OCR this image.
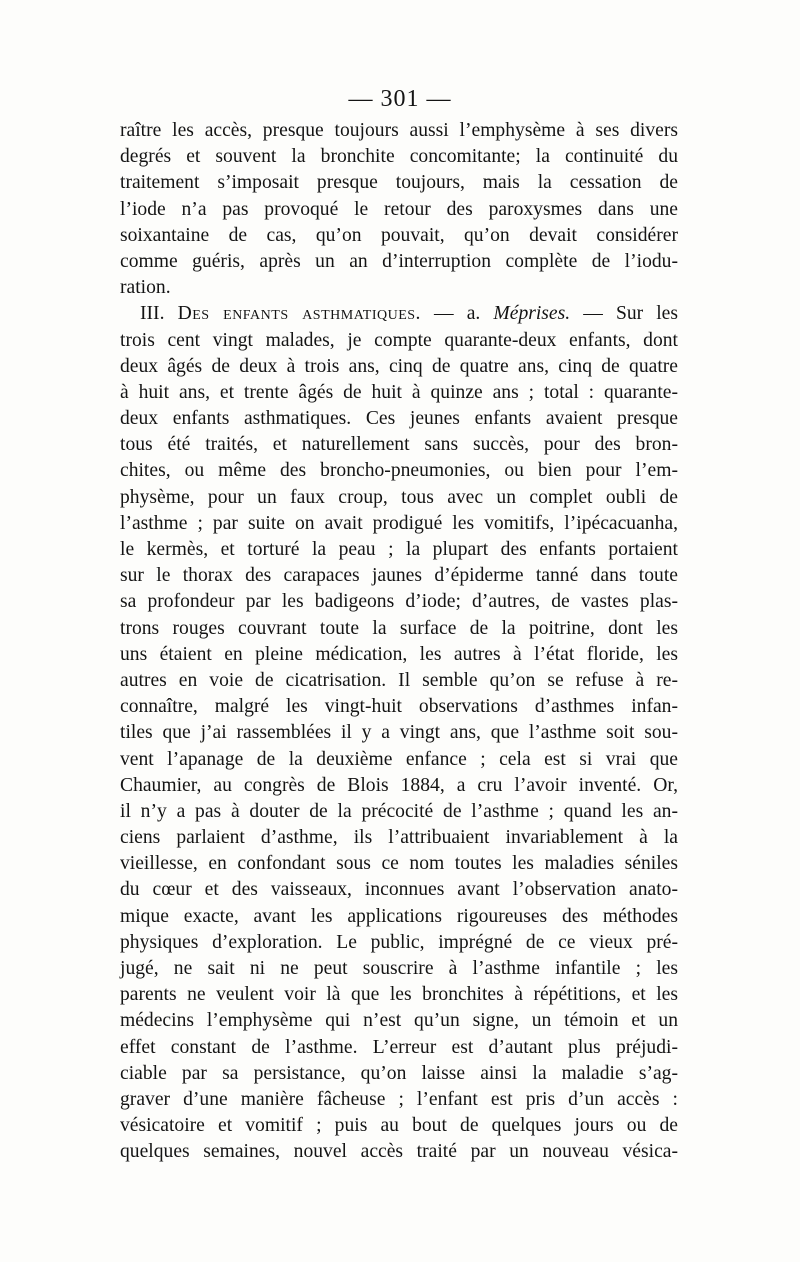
— 301 —
raître les accès, presque toujours aussi l’emphysème à ses divers
degrés et souvent la bronchite concomitante; la continuité du
traitement s’imposait presque toujours, mais la cessation de
l’iode n’a pas provoqué le retour des paroxysmes dans une
soixantaine de cas, qu’on pouvait, qu’on devait considérer
comme guéris, après un an d’interruption complète de l’iodu-
ration.
III. Des enfants asthmatiques. — a. Méprises. — Sur les
trois cent vingt malades, je compte quarante-deux enfants, dont
deux âgés de deux à trois ans, cinq de quatre ans, cinq de quatre
à huit ans, et trente âgés de huit à quinze ans ; total : quarante-
deux enfants asthmatiques. Ces jeunes enfants avaient presque
tous été traités, et naturellement sans succès, pour des bron-
chites, ou même des broncho-pneumonies, ou bien pour l’em-
physème, pour un faux croup, tous avec un complet oubli de
l’asthme ; par suite on avait prodigué les vomitifs, l’ipécacuanha,
le kermès, et torturé la peau ; la plupart des enfants portaient
sur le thorax des carapaces jaunes d’épiderme tanné dans toute
sa profondeur par les badigeons d’iode; d’autres, de vastes plas-
trons rouges couvrant toute la surface de la poitrine, dont les
uns étaient en pleine médication, les autres à l’état floride, les
autres en voie de cicatrisation. Il semble qu’on se refuse à re-
connaître, malgré les vingt-huit observations d’asthmes infan-
tiles que j’ai rassemblées il y a vingt ans, que l’asthme soit sou-
vent l’apanage de la deuxième enfance ; cela est si vrai que
Chaumier, au congrès de Blois 1884, a cru l’avoir inventé. Or,
il n’y a pas à douter de la précocité de l’asthme ; quand les an-
ciens parlaient d’asthme, ils l’attribuaient invariablement à la
vieillesse, en confondant sous ce nom toutes les maladies séniles
du cœur et des vaisseaux, inconnues avant l’observation anato-
mique exacte, avant les applications rigoureuses des méthodes
physiques d’exploration. Le public, imprégné de ce vieux pré-
jugé, ne sait ni ne peut souscrire à l’asthme infantile ; les
parents ne veulent voir là que les bronchites à répétitions, et les
médecins l’emphysème qui n’est qu’un signe, un témoin et un
effet constant de l’asthme. L’erreur est d’autant plus préjudi-
ciable par sa persistance, qu’on laisse ainsi la maladie s’ag-
graver d’une manière fâcheuse ; l’enfant est pris d’un accès :
vésicatoire et vomitif ; puis au bout de quelques jours ou de
quelques semaines, nouvel accès traité par un nouveau vésica-
